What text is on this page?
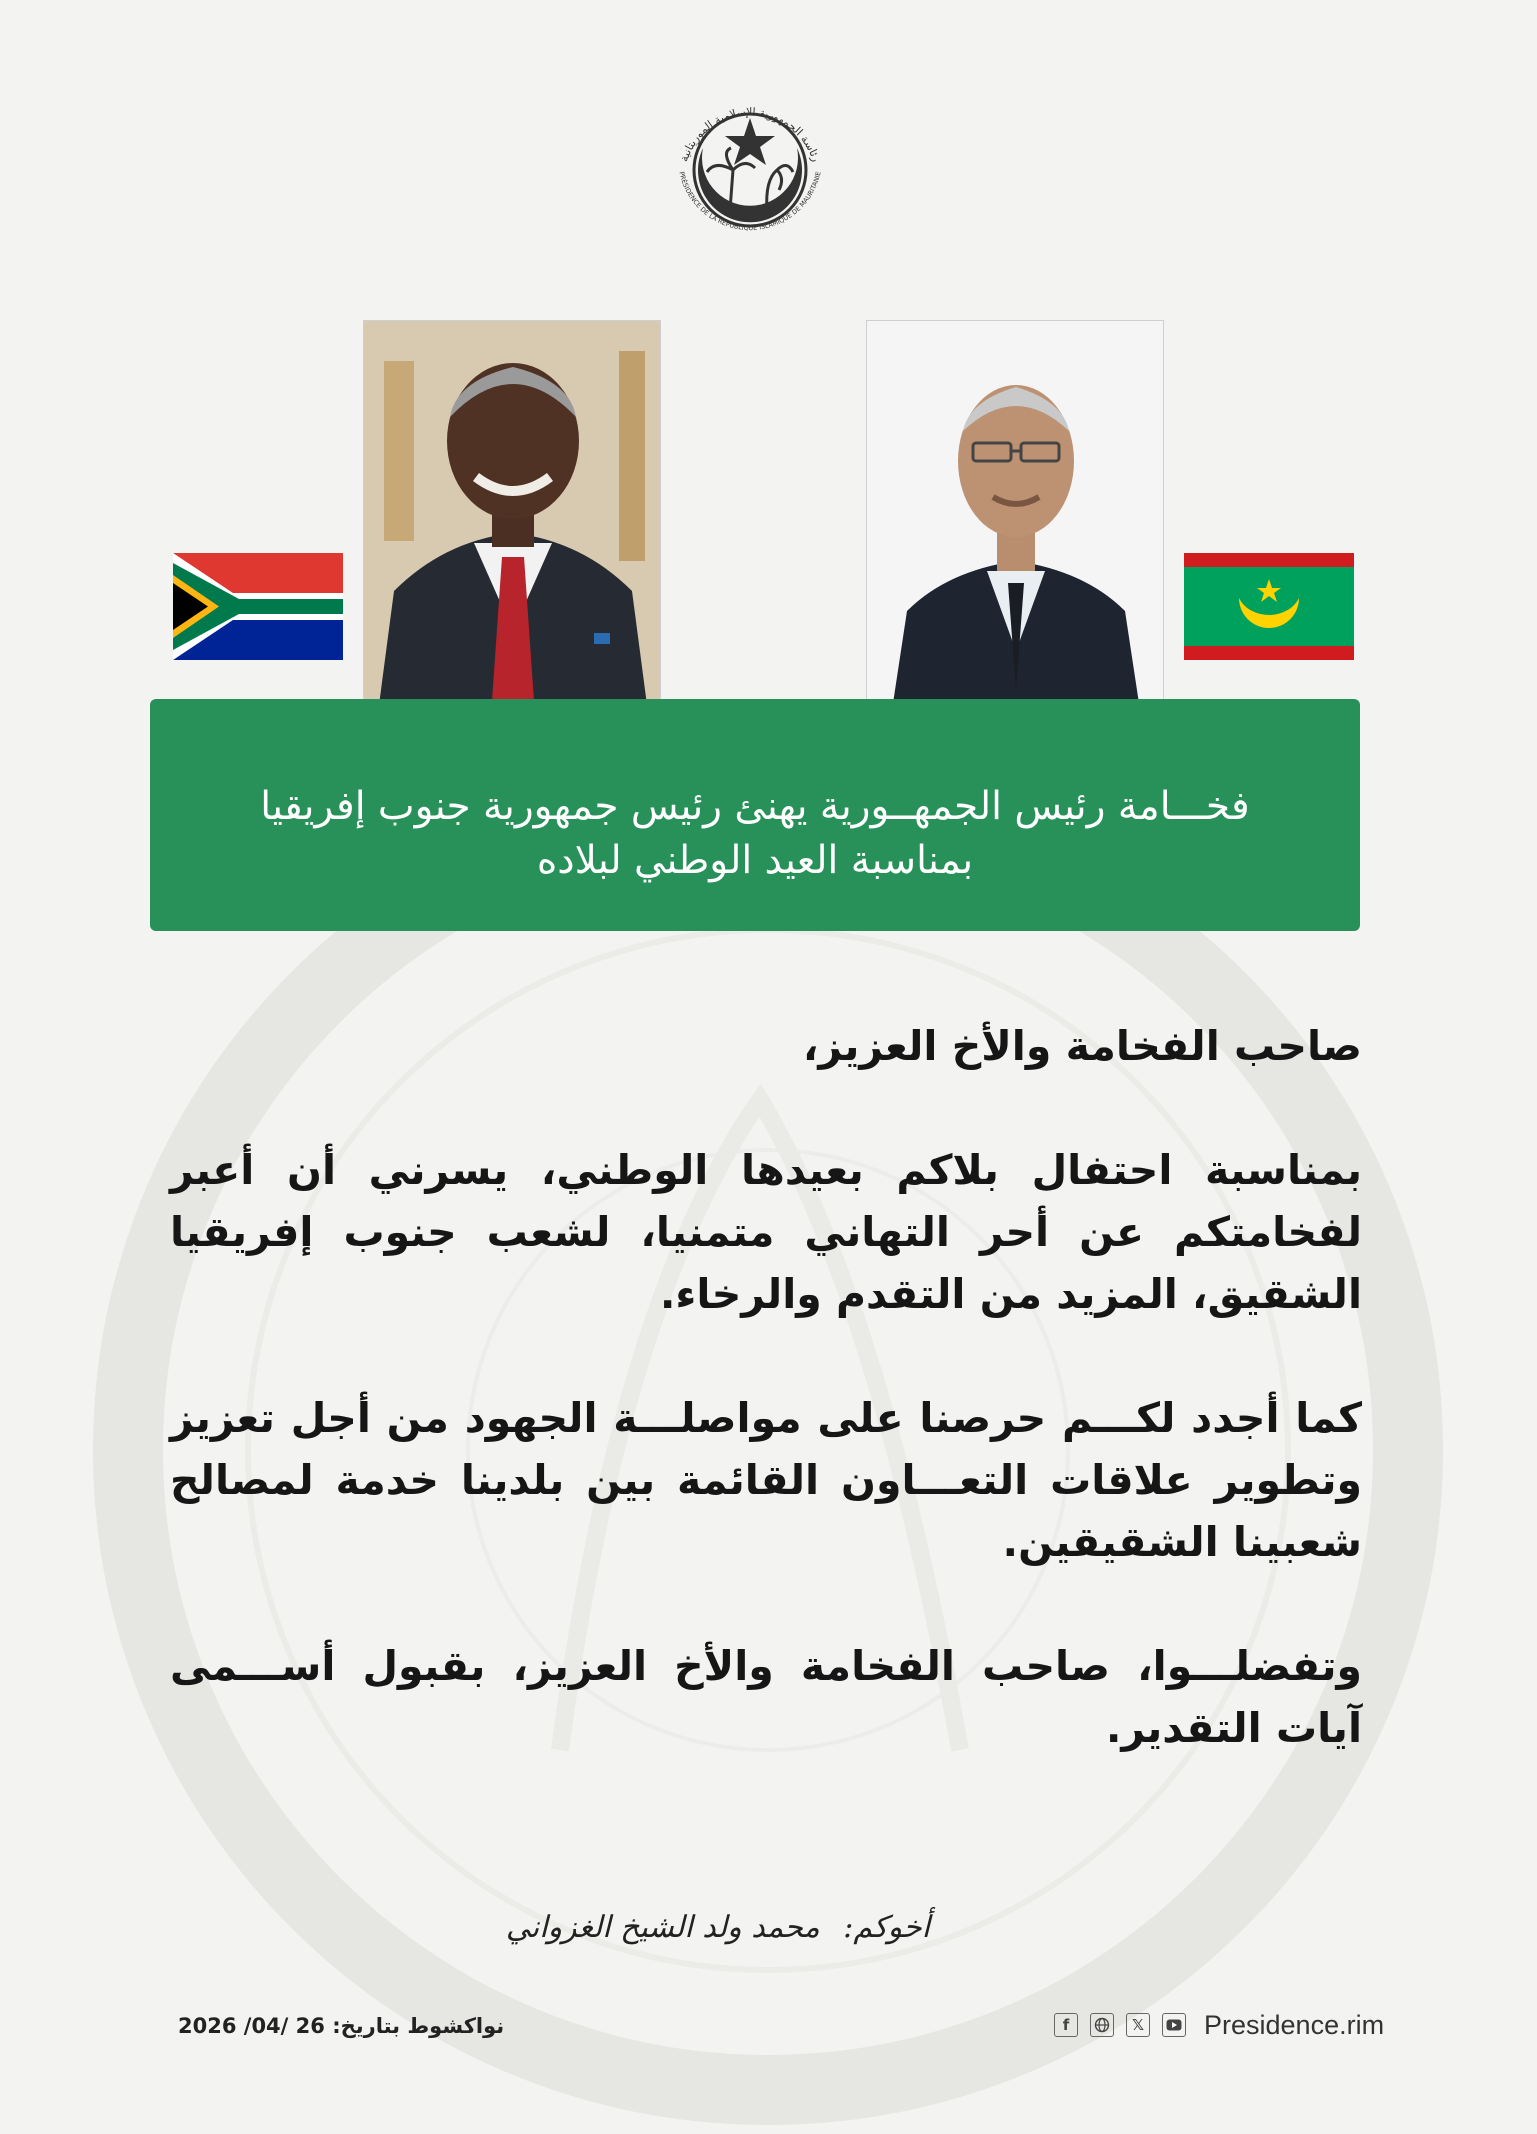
رئاسة الجمهورية الإسلامية الموريتانية
PRÉSIDENCE DE LA RÉPUBLIQUE ISLAMIQUE DE MAURITANIE
فخـــامة رئيس الجمهــورية يهنئ رئيس جمهورية جنوب إفريقيا
بمناسبة العيد الوطني لبلاده
صاحب الفخامة والأخ العزيز،

بمناسبة احتفال بلاكم بعيدها الوطني، يسرني أن أعبر لفخامتكم عن أحر التهاني متمنيا، لشعب جنوب إفريقيا الشقيق، المزيد من التقدم والرخاء.

كما أجدد لكـــم حرصنا على مواصلـــة الجهود من أجل تعزيز وتطوير علاقات التعـــاون القائمة بين بلدينا خدمة لمصالح شعبينا الشقيقين.

وتفضلـــوا، صاحب الفخامة والأخ العزيز، بقبول أســـمى آيات التقدير.

أخوكم: محمد ولد الشيخ الغزواني
نواكشوط بتاريخ: 26 /04/ 2026	f	𝕏 Presidence.rim
